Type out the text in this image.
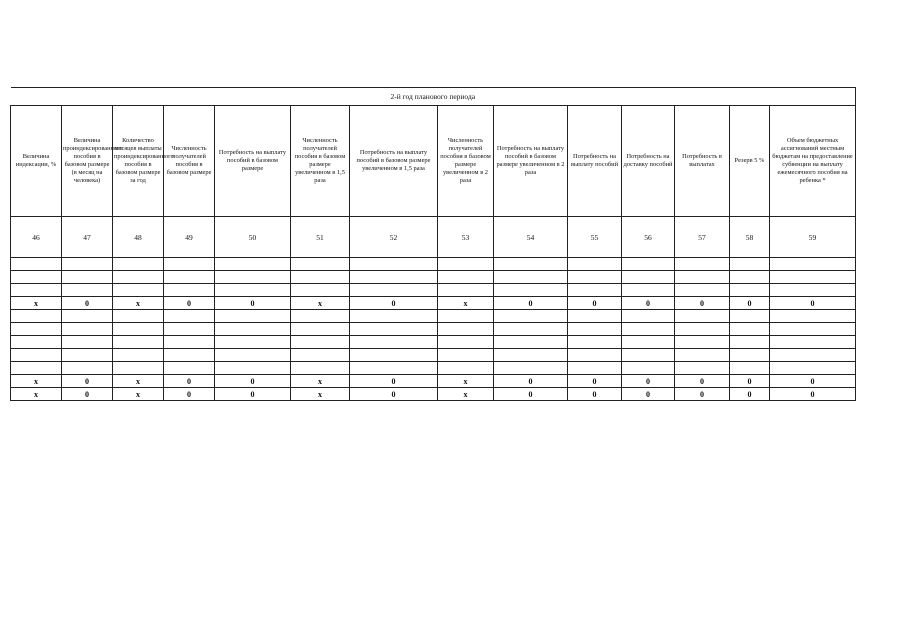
2-й год планового периода													
Величина индексации, %	Величина проиндексированного пособия в базовом размере (в месяц на человека)	Количество месяцев выплаты проиндексированного пособия в базовом размере за год	Численность получателей пособия в базовом размере	Потребность на выплату пособий в базовом размере	Численность получателей пособия в базовом размере увеличенном в 1,5 раза	Потребность на выплату пособий в базовом размере увеличенном в 1,5 раза	Численность получателей пособия в базовом размере увеличенном в 2 раза	Потребность на выплату пособий в базовом размере увеличенном в 2 раза	Потребность на выплату пособий	Потребность на доставку пособий	Потребность в выплатах	Резерв 5 %	Объем бюджетных ассигнований местным бюджетам на предоставление субвенции на выплату ежемесячного пособия на ребенка *
46	47	48	49	50	51	52	53	54	55	56	57	58	59

x	0	x	0	0	x	0	x	0	0	0	0	0	0

x	0	x	0	0	x	0	x	0	0	0	0	0	0
x	0	x	0	0	x	0	x	0	0	0	0	0	0
